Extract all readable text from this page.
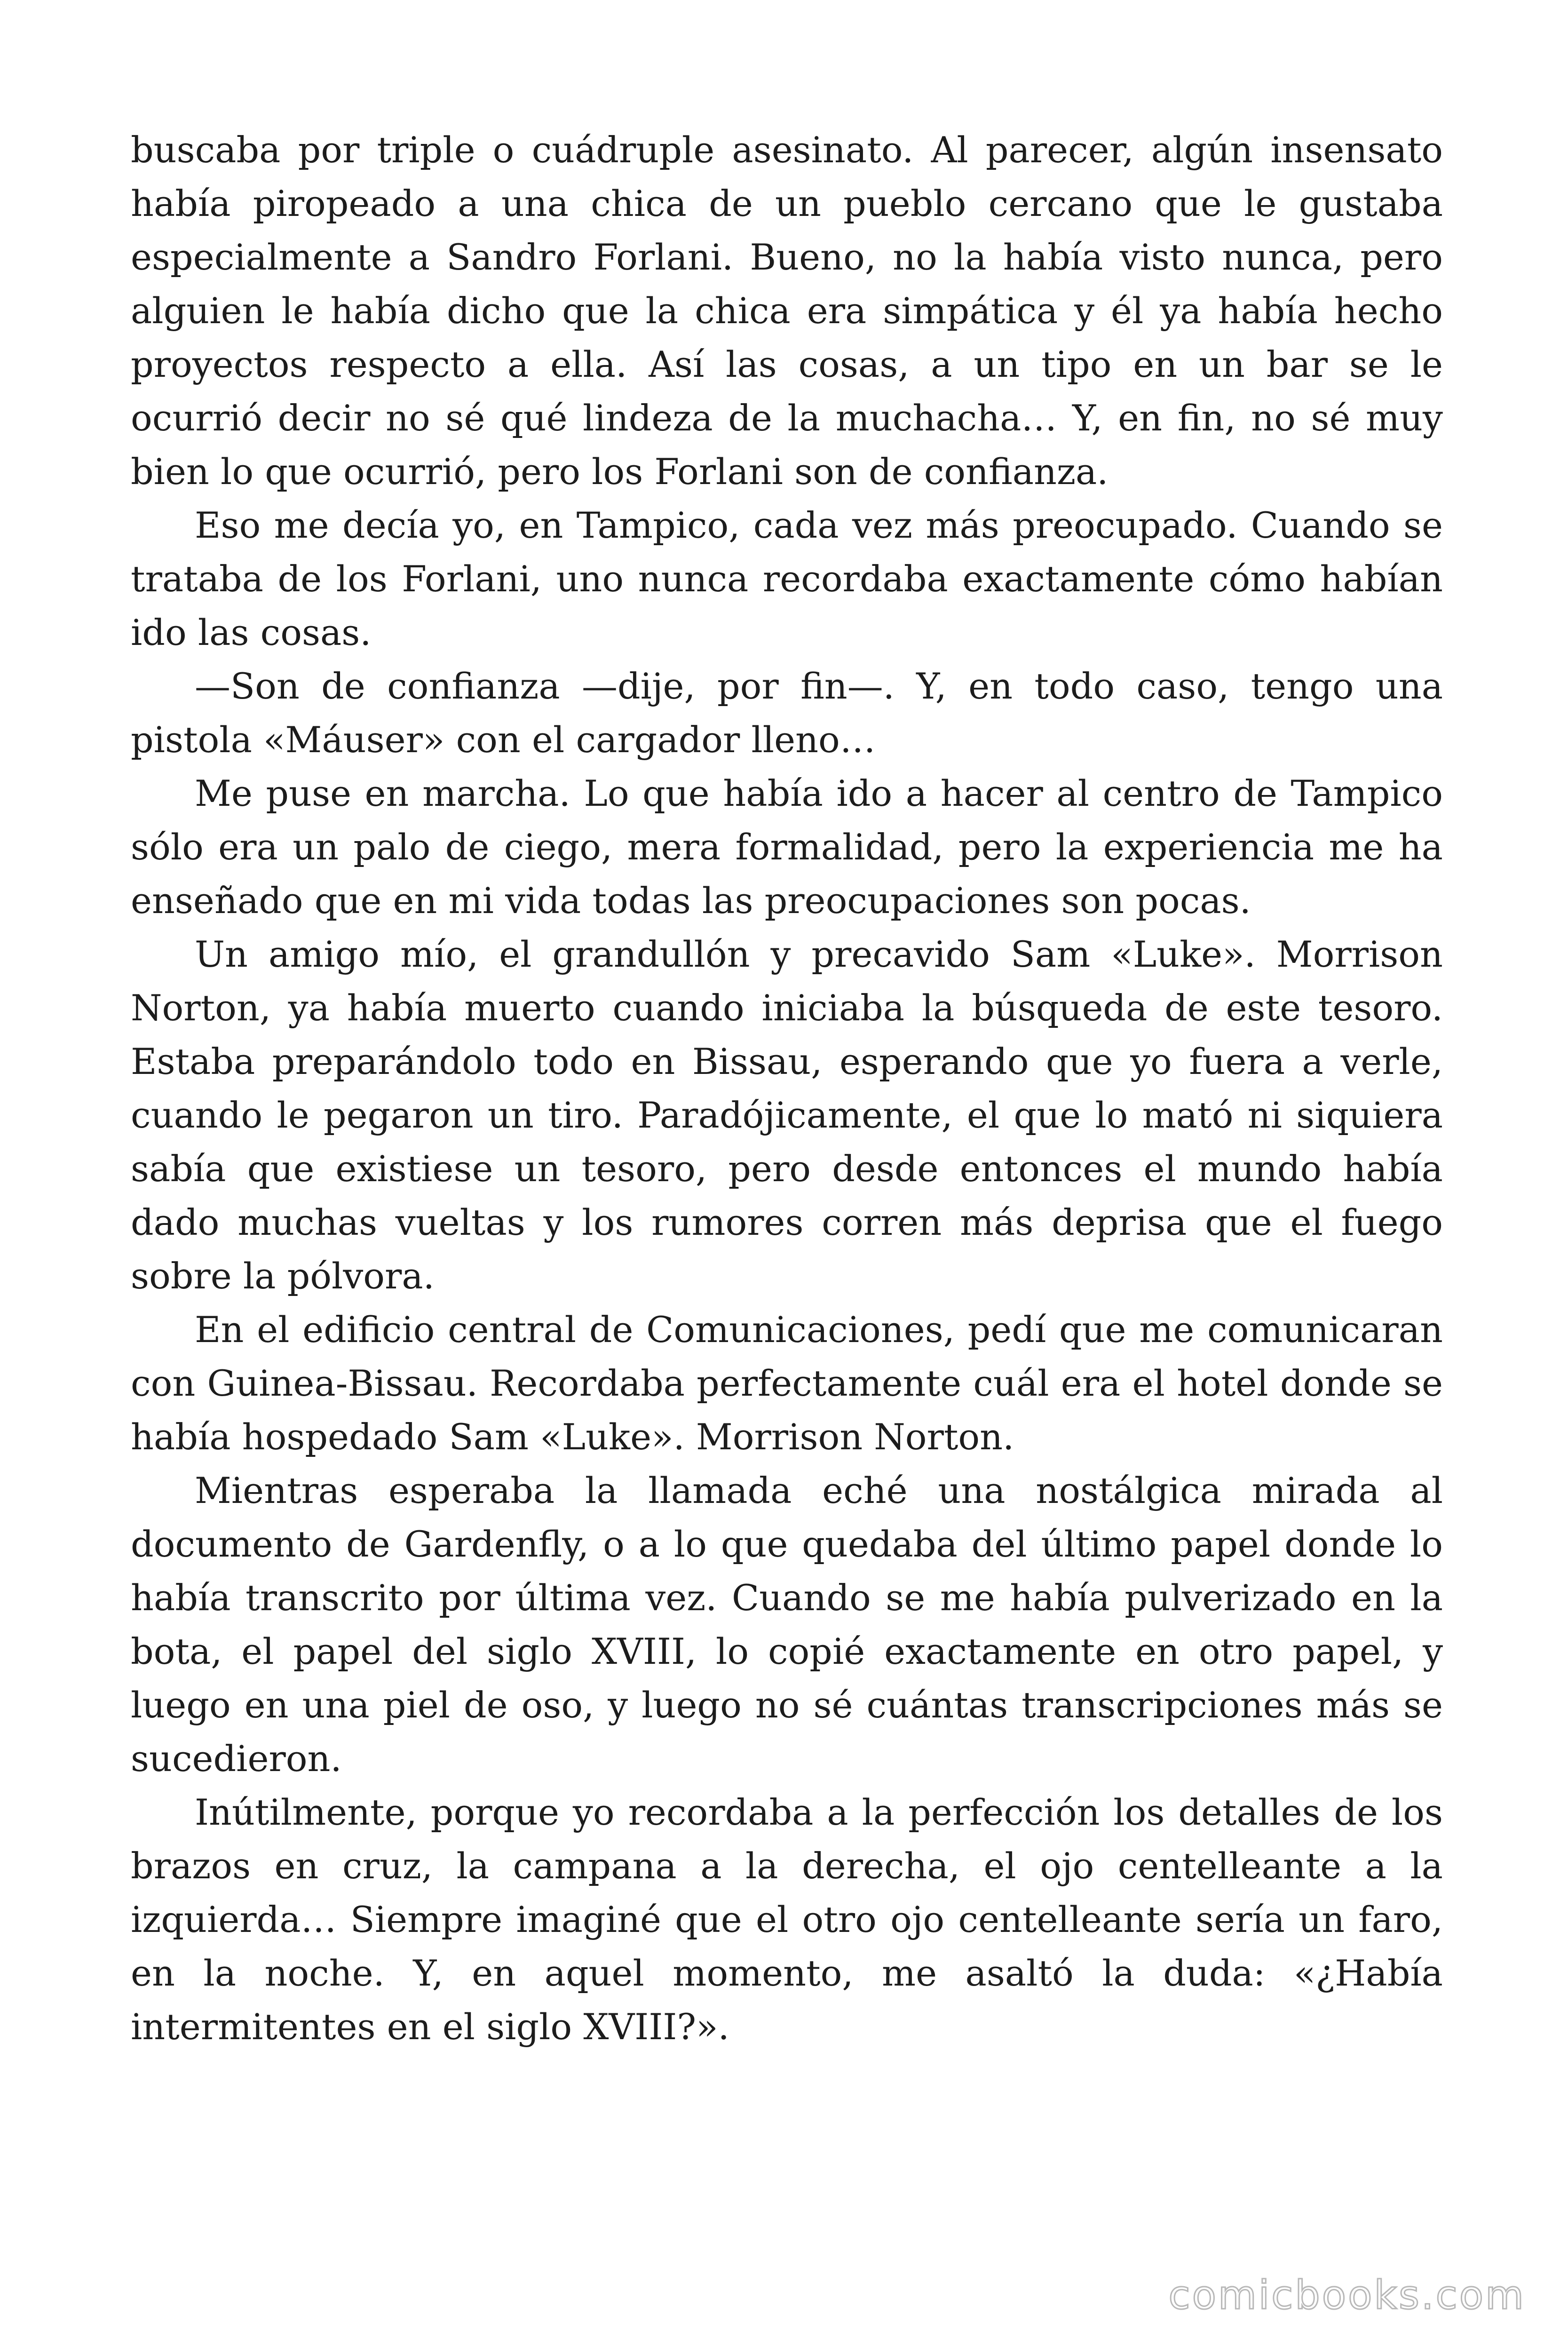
buscaba por triple o cuádruple asesinato. Al parecer, algún insensato había piropeado a una chica de un pueblo cercano que le gustaba especialmente a Sandro Forlani. Bueno, no la había visto nunca, pero alguien le había dicho que la chica era simpática y él ya había hecho proyectos respecto a ella. Así las cosas, a un tipo en un bar se le ocurrió decir no sé qué lindeza de la muchacha… Y, en fin, no sé muy bien lo que ocurrió, pero los Forlani son de confianza.

Eso me decía yo, en Tampico, cada vez más preocupado. Cuando se trataba de los Forlani, uno nunca recordaba exactamente cómo habían ido las cosas.

—Son de confianza —dije, por fin—. Y, en todo caso, tengo una pistola «Máuser» con el cargador lleno…

Me puse en marcha. Lo que había ido a hacer al centro de Tampico sólo era un palo de ciego, mera formalidad, pero la experiencia me ha enseñado que en mi vida todas las preocupaciones son pocas.

Un amigo mío, el grandullón y precavido Sam «Luke». Morrison Norton, ya había muerto cuando iniciaba la búsqueda de este tesoro. Estaba preparándolo todo en Bissau, esperando que yo fuera a verle, cuando le pegaron un tiro. Paradójicamente, el que lo mató ni siquiera sabía que existiese un tesoro, pero desde entonces el mundo había dado muchas vueltas y los rumores corren más deprisa que el fuego sobre la pólvora.

En el edificio central de Comunicaciones, pedí que me comunicaran con Guinea-Bissau. Recordaba perfectamente cuál era el hotel donde se había hospedado Sam «Luke». Morrison Norton.

Mientras esperaba la llamada eché una nostálgica mirada al documento de Gardenfly, o a lo que quedaba del último papel donde lo había transcrito por última vez. Cuando se me había pulverizado en la bota, el papel del siglo XVIII, lo copié exactamente en otro papel, y luego en una piel de oso, y luego no sé cuántas transcripciones más se sucedieron.

Inútilmente, porque yo recordaba a la perfección los detalles de los brazos en cruz, la campana a la derecha, el ojo centelleante a la izquierda… Siempre imaginé que el otro ojo centelleante sería un faro, en la noche. Y, en aquel momento, me asaltó la duda: «¿Había intermitentes en el siglo XVIII?».

comicbooks.com
